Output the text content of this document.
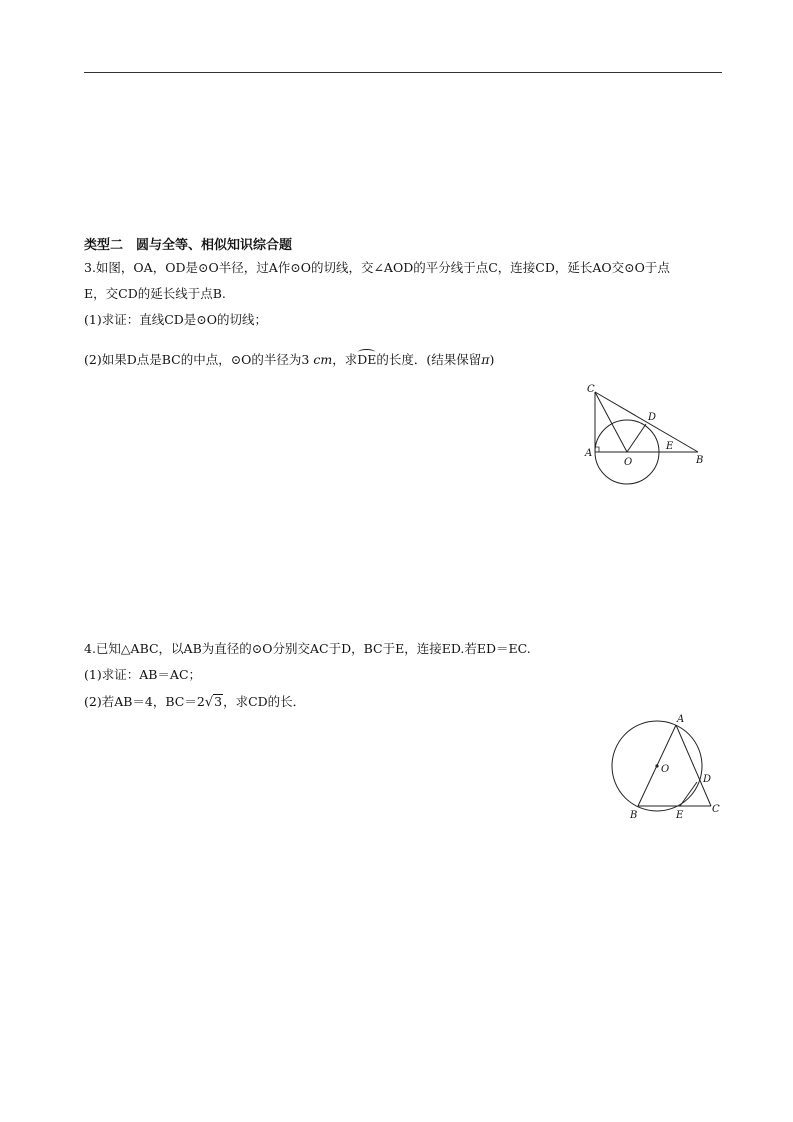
类型二　圆与全等、相似知识综合题
3.如图，OA，OD是⊙O半径，过A作⊙O的切线，交∠AOD的平分线于点C，连接CD，延长AO交⊙O于点
E，交CD的延长线于点B.
(1)求证：直线CD是⊙O的切线；
(2)如果D点是BC的中点，⊙O的半径为3 cm，求DE的长度．(结果保留π)
C
D
A
O
E
B
4.已知△ABC，以AB为直径的⊙O分别交AC于D，BC于E，连接ED.若ED＝EC.
(1)求证：AB＝AC；
(2)若AB＝4，BC＝2√3，求CD的长．
A
O
D
B	E
C
